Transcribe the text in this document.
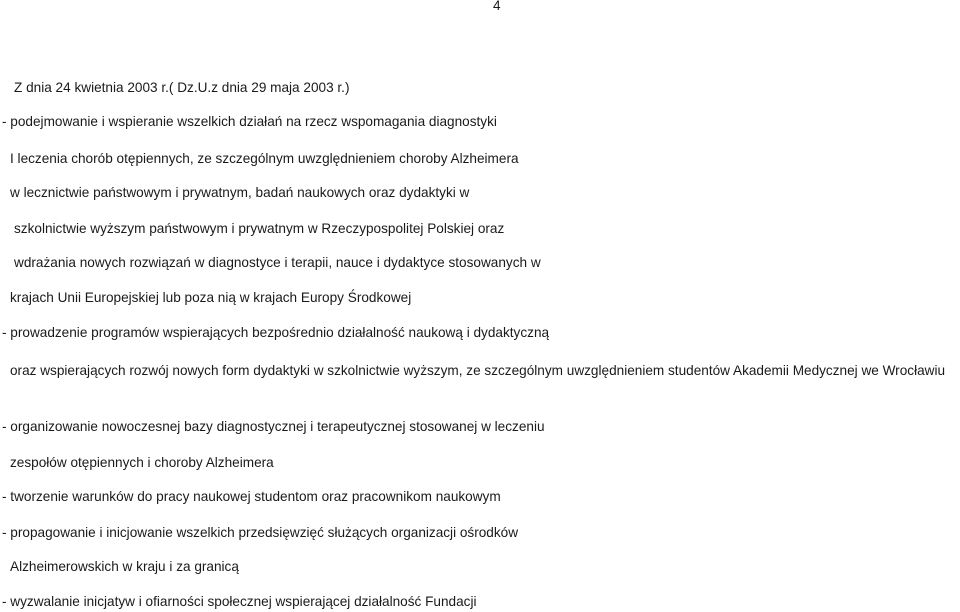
4
Z dnia 24 kwietnia 2003 r.( Dz.U.z dnia 29 maja 2003 r.)
- podejmowanie i wspieranie wszelkich działań na rzecz wspomagania diagnostyki
I leczenia chorób otępiennych, ze szczególnym uwzględnieniem choroby Alzheimera
w lecznictwie państwowym i prywatnym, badań naukowych oraz dydaktyki w
szkolnictwie wyższym państwowym i prywatnym w Rzeczypospolitej Polskiej oraz
wdrażania nowych rozwiązań w diagnostyce i terapii, nauce i dydaktyce stosowanych w
krajach Unii Europejskiej lub poza nią w krajach Europy Środkowej
- prowadzenie programów wspierających bezpośrednio działalność naukową i dydaktyczną
oraz wspierających rozwój nowych form dydaktyki w szkolnictwie wyższym, ze szczególnym uwzględnieniem studentów Akademii Medycznej we Wrocławiu
- organizowanie nowoczesnej bazy diagnostycznej i terapeutycznej stosowanej w leczeniu
zespołów otępiennych i choroby Alzheimera
- tworzenie warunków do pracy naukowej studentom oraz pracownikom naukowym
- propagowanie i inicjowanie wszelkich przedsięwzięć służących organizacji ośrodków
Alzheimerowskich w kraju i za granicą
- wyzwalanie inicjatyw i ofiarności społecznej wspierającej działalność Fundacji
